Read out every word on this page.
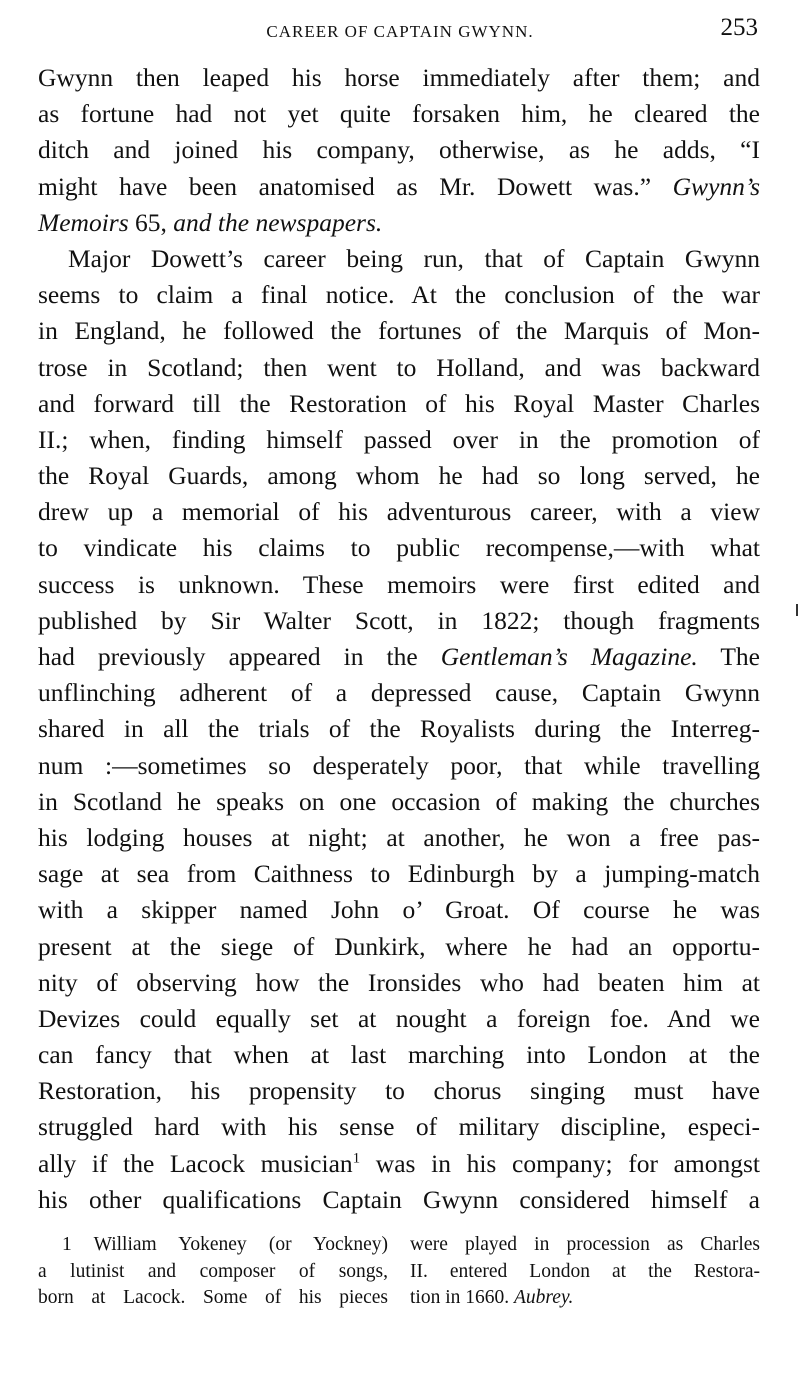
CAREER OF CAPTAIN GWYNN.	253
Gwynn then leaped his horse immediately after them; and
as fortune had not yet quite forsaken him, he cleared the
ditch and joined his company, otherwise, as he adds, “I
might have been anatomised as Mr. Dowett was.” Gwynn’s
Memoirs 65, and the newspapers.
Major Dowett’s career being run, that of Captain Gwynn
seems to claim a final notice. At the conclusion of the war
in England, he followed the fortunes of the Marquis of Mon-
trose in Scotland; then went to Holland, and was backward
and forward till the Restoration of his Royal Master Charles
II.; when, finding himself passed over in the promotion of
the Royal Guards, among whom he had so long served, he
drew up a memorial of his adventurous career, with a view
to vindicate his claims to public recompense,—with what
success is unknown. These memoirs were first edited and
published by Sir Walter Scott, in 1822; though fragments
had previously appeared in the Gentleman’s Magazine. The
unflinching adherent of a depressed cause, Captain Gwynn
shared in all the trials of the Royalists during the Interreg-
num :—sometimes so desperately poor, that while travelling
in Scotland he speaks on one occasion of making the churches
his lodging houses at night; at another, he won a free pas-
sage at sea from Caithness to Edinburgh by a jumping-match
with a skipper named John o’ Groat. Of course he was
present at the siege of Dunkirk, where he had an opportu-
nity of observing how the Ironsides who had beaten him at
Devizes could equally set at nought a foreign foe. And we
can fancy that when at last marching into London at the
Restoration, his propensity to chorus singing must have
struggled hard with his sense of military discipline, especi-
ally if the Lacock musician$^1$ was in his company; for amongst
his other qualifications Captain Gwynn considered himself a
1 William Yokeney (or Yockney)
a lutinist and composer of songs,
born at Lacock. Some of his pieces
were played in procession as Charles
II. entered London at the Restora-
tion in 1660. Aubrey.
